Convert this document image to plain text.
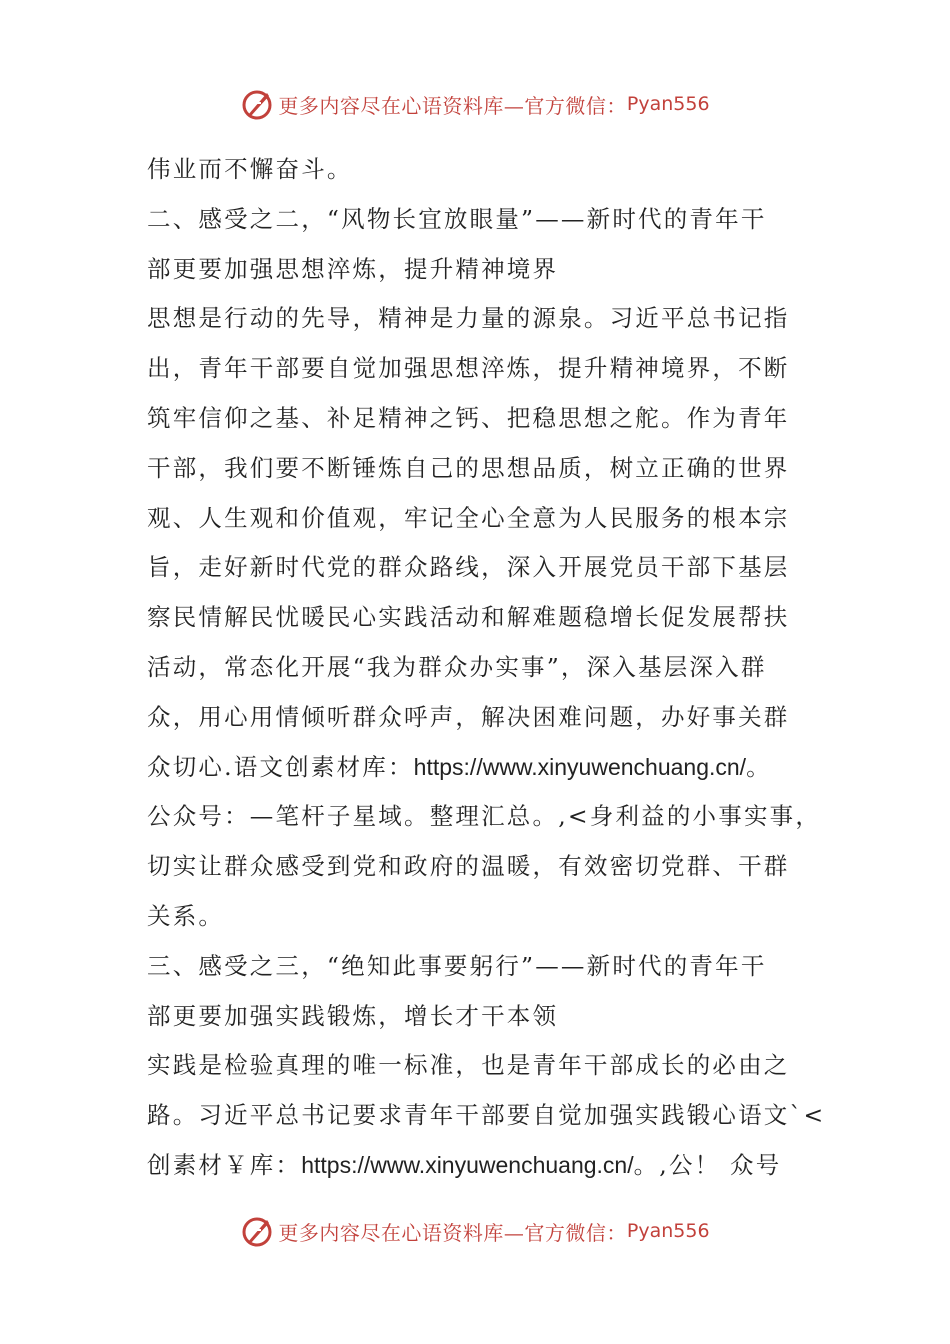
更多内容尽在心语资料库—官方微信： Pyan556
伟业而不懈奋斗。
二、感受之二，“风物长宜放眼量”——新时代的青年干
部更要加强思想淬炼，提升精神境界
思想是行动的先导，精神是力量的源泉。习近平总书记指
出，青年干部要自觉加强思想淬炼，提升精神境界，不断
筑牢信仰之基、补足精神之钙、把稳思想之舵。作为青年
干部，我们要不断锤炼自己的思想品质，树立正确的世界
观、人生观和价值观，牢记全心全意为人民服务的根本宗
旨，走好新时代党的群众路线，深入开展党员干部下基层
察民情解民忧暖民心实践活动和解难题稳增长促发展帮扶
活动，常态化开展“我为群众办实事”，深入基层深入群
众，用心用情倾听群众呼声，解决困难问题，办好事关群
众切心.语文创素材库：https://www.xinyuwenchuang.cn/。
公众号：—笔杆子星域。整理汇总。,<身利益的小事实事，
切实让群众感受到党和政府的温暖，有效密切党群、干群
关系。
三、感受之三，“绝知此事要躬行”——新时代的青年干
部更要加强实践锻炼，增长才干本领
实践是检验真理的唯一标准，也是青年干部成长的必由之
路。习近平总书记要求青年干部要自觉加强实践锻心语文`<
创素材￥库：https://www.xinyuwenchuang.cn/。,公！ 众号
更多内容尽在心语资料库—官方微信： Pyan556
